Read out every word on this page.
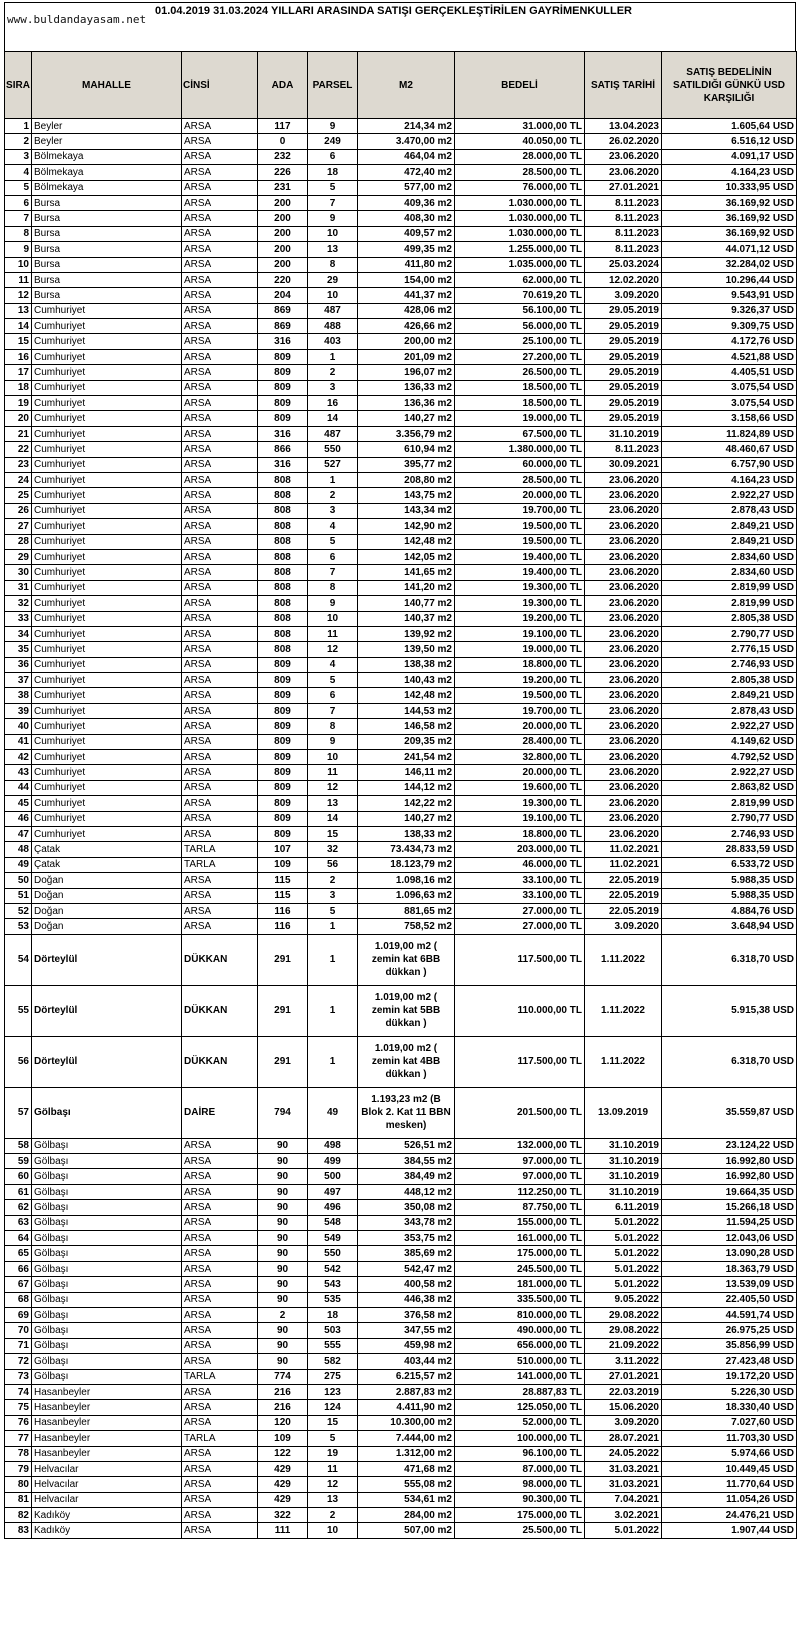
www.buldandayasam.net
01.04.2019 31.03.2024 YILLARI ARASINDA SATIŞI GERÇEKLEŞTİRİLEN GAYRİMENKULLER
SIRA	MAHALLE	CİNSİ	ADA	PARSEL	M2	BEDELİ	SATIŞ TARİHİ	SATIŞ BEDELİNİN SATILDIĞI GÜNKÜ USD KARŞILIĞI
1	Beyler	ARSA	117	9	214,34 m2	31.000,00 TL	13.04.2023	1.605,64 USD
2	Beyler	ARSA	0	249	3.470,00 m2	40.050,00 TL	26.02.2020	6.516,12 USD
3	Bölmekaya	ARSA	232	6	464,04 m2	28.000,00 TL	23.06.2020	4.091,17 USD
4	Bölmekaya	ARSA	226	18	472,40 m2	28.500,00 TL	23.06.2020	4.164,23 USD
5	Bölmekaya	ARSA	231	5	577,00 m2	76.000,00 TL	27.01.2021	10.333,95 USD
6	Bursa	ARSA	200	7	409,36 m2	1.030.000,00 TL	8.11.2023	36.169,92 USD
7	Bursa	ARSA	200	9	408,30 m2	1.030.000,00 TL	8.11.2023	36.169,92 USD
8	Bursa	ARSA	200	10	409,57 m2	1.030.000,00 TL	8.11.2023	36.169,92 USD
9	Bursa	ARSA	200	13	499,35 m2	1.255.000,00 TL	8.11.2023	44.071,12 USD
10	Bursa	ARSA	200	8	411,80 m2	1.035.000,00 TL	25.03.2024	32.284,02 USD
11	Bursa	ARSA	220	29	154,00 m2	62.000,00 TL	12.02.2020	10.296,44 USD
12	Bursa	ARSA	204	10	441,37 m2	70.619,20 TL	3.09.2020	9.543,91 USD
13	Cumhuriyet	ARSA	869	487	428,06 m2	56.100,00 TL	29.05.2019	9.326,37 USD
14	Cumhuriyet	ARSA	869	488	426,66 m2	56.000,00 TL	29.05.2019	9.309,75 USD
15	Cumhuriyet	ARSA	316	403	200,00 m2	25.100,00 TL	29.05.2019	4.172,76 USD
16	Cumhuriyet	ARSA	809	1	201,09 m2	27.200,00 TL	29.05.2019	4.521,88 USD
17	Cumhuriyet	ARSA	809	2	196,07 m2	26.500,00 TL	29.05.2019	4.405,51 USD
18	Cumhuriyet	ARSA	809	3	136,33 m2	18.500,00 TL	29.05.2019	3.075,54 USD
19	Cumhuriyet	ARSA	809	16	136,36 m2	18.500,00 TL	29.05.2019	3.075,54 USD
20	Cumhuriyet	ARSA	809	14	140,27 m2	19.000,00 TL	29.05.2019	3.158,66 USD
21	Cumhuriyet	ARSA	316	487	3.356,79 m2	67.500,00 TL	31.10.2019	11.824,89 USD
22	Cumhuriyet	ARSA	866	550	610,94 m2	1.380.000,00 TL	8.11.2023	48.460,67 USD
23	Cumhuriyet	ARSA	316	527	395,77 m2	60.000,00 TL	30.09.2021	6.757,90 USD
24	Cumhuriyet	ARSA	808	1	208,80 m2	28.500,00 TL	23.06.2020	4.164,23 USD
25	Cumhuriyet	ARSA	808	2	143,75 m2	20.000,00 TL	23.06.2020	2.922,27 USD
26	Cumhuriyet	ARSA	808	3	143,34 m2	19.700,00 TL	23.06.2020	2.878,43 USD
27	Cumhuriyet	ARSA	808	4	142,90 m2	19.500,00 TL	23.06.2020	2.849,21 USD
28	Cumhuriyet	ARSA	808	5	142,48 m2	19.500,00 TL	23.06.2020	2.849,21 USD
29	Cumhuriyet	ARSA	808	6	142,05 m2	19.400,00 TL	23.06.2020	2.834,60 USD
30	Cumhuriyet	ARSA	808	7	141,65 m2	19.400,00 TL	23.06.2020	2.834,60 USD
31	Cumhuriyet	ARSA	808	8	141,20 m2	19.300,00 TL	23.06.2020	2.819,99 USD
32	Cumhuriyet	ARSA	808	9	140,77 m2	19.300,00 TL	23.06.2020	2.819,99 USD
33	Cumhuriyet	ARSA	808	10	140,37 m2	19.200,00 TL	23.06.2020	2.805,38 USD
34	Cumhuriyet	ARSA	808	11	139,92 m2	19.100,00 TL	23.06.2020	2.790,77 USD
35	Cumhuriyet	ARSA	808	12	139,50 m2	19.000,00 TL	23.06.2020	2.776,15 USD
36	Cumhuriyet	ARSA	809	4	138,38 m2	18.800,00 TL	23.06.2020	2.746,93 USD
37	Cumhuriyet	ARSA	809	5	140,43 m2	19.200,00 TL	23.06.2020	2.805,38 USD
38	Cumhuriyet	ARSA	809	6	142,48 m2	19.500,00 TL	23.06.2020	2.849,21 USD
39	Cumhuriyet	ARSA	809	7	144,53 m2	19.700,00 TL	23.06.2020	2.878,43 USD
40	Cumhuriyet	ARSA	809	8	146,58 m2	20.000,00 TL	23.06.2020	2.922,27 USD
41	Cumhuriyet	ARSA	809	9	209,35 m2	28.400,00 TL	23.06.2020	4.149,62 USD
42	Cumhuriyet	ARSA	809	10	241,54 m2	32.800,00 TL	23.06.2020	4.792,52 USD
43	Cumhuriyet	ARSA	809	11	146,11 m2	20.000,00 TL	23.06.2020	2.922,27 USD
44	Cumhuriyet	ARSA	809	12	144,12 m2	19.600,00 TL	23.06.2020	2.863,82 USD
45	Cumhuriyet	ARSA	809	13	142,22 m2	19.300,00 TL	23.06.2020	2.819,99 USD
46	Cumhuriyet	ARSA	809	14	140,27 m2	19.100,00 TL	23.06.2020	2.790,77 USD
47	Cumhuriyet	ARSA	809	15	138,33 m2	18.800,00 TL	23.06.2020	2.746,93 USD
48	Çatak	TARLA	107	32	73.434,73 m2	203.000,00 TL	11.02.2021	28.833,59 USD
49	Çatak	TARLA	109	56	18.123,79 m2	46.000,00 TL	11.02.2021	6.533,72 USD
50	Doğan	ARSA	115	2	1.098,16 m2	33.100,00 TL	22.05.2019	5.988,35 USD
51	Doğan	ARSA	115	3	1.096,63 m2	33.100,00 TL	22.05.2019	5.988,35 USD
52	Doğan	ARSA	116	5	881,65 m2	27.000,00 TL	22.05.2019	4.884,76 USD
53	Doğan	ARSA	116	1	758,52 m2	27.000,00 TL	3.09.2020	3.648,94 USD
54	Dörteylül	DÜKKAN	291	1	1.019,00 m2 ( zemin kat 6BB dükkan )	117.500,00 TL	1.11.2022	6.318,70 USD
55	Dörteylül	DÜKKAN	291	1	1.019,00 m2 ( zemin kat 5BB dükkan )	110.000,00 TL	1.11.2022	5.915,38 USD
56	Dörteylül	DÜKKAN	291	1	1.019,00 m2 ( zemin kat 4BB dükkan )	117.500,00 TL	1.11.2022	6.318,70 USD
57	Gölbaşı	DAİRE	794	49	1.193,23 m2 (B Blok 2. Kat 11 BBN mesken)	201.500,00 TL	13.09.2019	35.559,87 USD
58	Gölbaşı	ARSA	90	498	526,51 m2	132.000,00 TL	31.10.2019	23.124,22 USD
59	Gölbaşı	ARSA	90	499	384,55 m2	97.000,00 TL	31.10.2019	16.992,80 USD
60	Gölbaşı	ARSA	90	500	384,49 m2	97.000,00 TL	31.10.2019	16.992,80 USD
61	Gölbaşı	ARSA	90	497	448,12 m2	112.250,00 TL	31.10.2019	19.664,35 USD
62	Gölbaşı	ARSA	90	496	350,08 m2	87.750,00 TL	6.11.2019	15.266,18 USD
63	Gölbaşı	ARSA	90	548	343,78 m2	155.000,00 TL	5.01.2022	11.594,25 USD
64	Gölbaşı	ARSA	90	549	353,75 m2	161.000,00 TL	5.01.2022	12.043,06 USD
65	Gölbaşı	ARSA	90	550	385,69 m2	175.000,00 TL	5.01.2022	13.090,28 USD
66	Gölbaşı	ARSA	90	542	542,47 m2	245.500,00 TL	5.01.2022	18.363,79 USD
67	Gölbaşı	ARSA	90	543	400,58 m2	181.000,00 TL	5.01.2022	13.539,09 USD
68	Gölbaşı	ARSA	90	535	446,38 m2	335.500,00 TL	9.05.2022	22.405,50 USD
69	Gölbaşı	ARSA	2	18	376,58 m2	810.000,00 TL	29.08.2022	44.591,74 USD
70	Gölbaşı	ARSA	90	503	347,55 m2	490.000,00 TL	29.08.2022	26.975,25 USD
71	Gölbaşı	ARSA	90	555	459,98 m2	656.000,00 TL	21.09.2022	35.856,99 USD
72	Gölbaşı	ARSA	90	582	403,44 m2	510.000,00 TL	3.11.2022	27.423,48 USD
73	Gölbaşı	TARLA	774	275	6.215,57 m2	141.000,00 TL	27.01.2021	19.172,20 USD
74	Hasanbeyler	ARSA	216	123	2.887,83 m2	28.887,83 TL	22.03.2019	5.226,30 USD
75	Hasanbeyler	ARSA	216	124	4.411,90 m2	125.050,00 TL	15.06.2020	18.330,40 USD
76	Hasanbeyler	ARSA	120	15	10.300,00 m2	52.000,00 TL	3.09.2020	7.027,60 USD
77	Hasanbeyler	TARLA	109	5	7.444,00 m2	100.000,00 TL	28.07.2021	11.703,30 USD
78	Hasanbeyler	ARSA	122	19	1.312,00 m2	96.100,00 TL	24.05.2022	5.974,66 USD
79	Helvacılar	ARSA	429	11	471,68 m2	87.000,00 TL	31.03.2021	10.449,45 USD
80	Helvacılar	ARSA	429	12	555,08 m2	98.000,00 TL	31.03.2021	11.770,64 USD
81	Helvacılar	ARSA	429	13	534,61 m2	90.300,00 TL	7.04.2021	11.054,26 USD
82	Kadıköy	ARSA	322	2	284,00 m2	175.000,00 TL	3.02.2021	24.476,21 USD
83	Kadıköy	ARSA	111	10	507,00 m2	25.500,00 TL	5.01.2022	1.907,44 USD
